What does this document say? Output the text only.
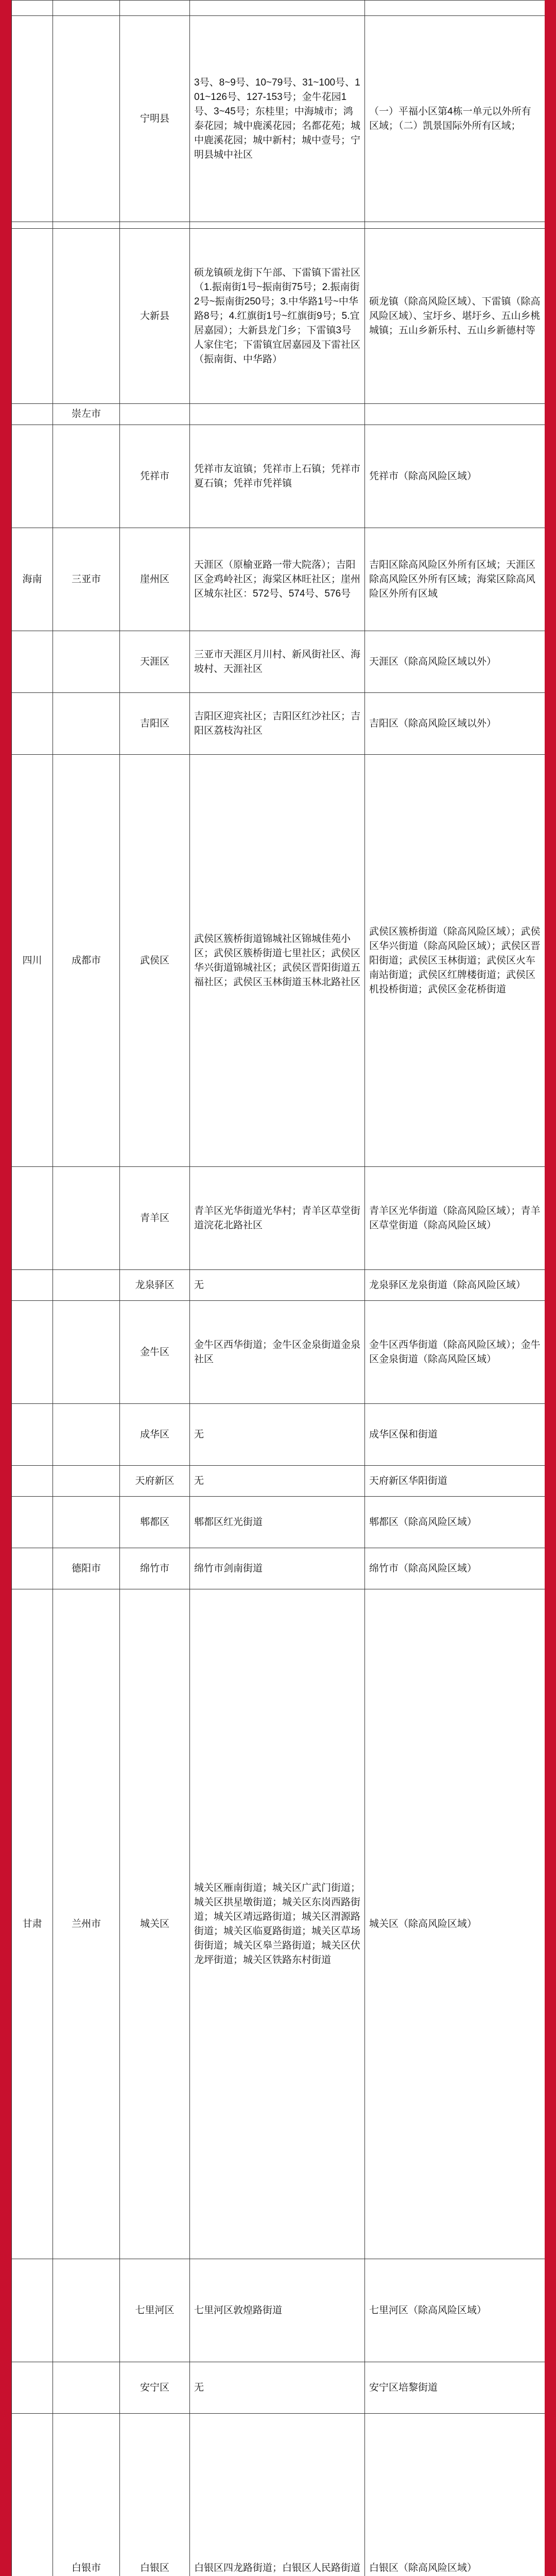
		宁明县	3号、8~9号、10~79号、31~100号、101~126号、127-153号；金牛花园1号、3~45号；东桂里；中海城市；鸿泰花园；城中鹿溪花园；名都花苑；城中鹿溪花园；城中新村；城中壹号；宁明县城中社区	（一）平福小区第4栋一单元以外所有区域；（二）凯景国际外所有区域；

		大新县	硕龙镇硕龙街下午部、下雷镇下雷社区（1.振南街1号~振南街75号；2.振南街2号~振南街250号；3.中华路1号~中华路8号；4.红旗街1号~红旗街9号；5.宜居嘉园）；大新县龙门乡；下雷镇3号人家住宅；下雷镇宜居嘉园及下雷社区（振南街、中华路）	硕龙镇（除高风险区域）、下雷镇（除高风险区域）、宝圩乡、堪圩乡、五山乡桃城镇；五山乡新乐村、五山乡新德村等
	崇左市			
		凭祥市	凭祥市友谊镇；凭祥市上石镇；凭祥市夏石镇；凭祥市凭祥镇	凭祥市（除高风险区域）
海南	三亚市	崖州区	天涯区（原榆亚路一带大院落）；吉阳区金鸡岭社区；海棠区林旺社区；崖州区城东社区：572号、574号、576号	吉阳区除高风险区外所有区域；天涯区除高风险区外所有区域；海棠区除高风险区外所有区域
		天涯区	三亚市天涯区月川村、新风街社区、海坡村、天涯社区	天涯区（除高风险区域以外）
		吉阳区	吉阳区迎宾社区；吉阳区红沙社区；吉阳区荔枝沟社区	吉阳区（除高风险区域以外）
四川	成都市	武侯区	武侯区簇桥街道锦城社区锦城佳苑小区；武侯区簇桥街道七里社区；武侯区华兴街道锦城社区；武侯区晋阳街道五福社区；武侯区玉林街道玉林北路社区	武侯区簇桥街道（除高风险区域）；武侯区华兴街道（除高风险区域）；武侯区晋阳街道；武侯区玉林街道；武侯区火车南站街道；武侯区红牌楼街道；武侯区机投桥街道；武侯区金花桥街道
		青羊区	青羊区光华街道光华村；青羊区草堂街道浣花北路社区	青羊区光华街道（除高风险区域）；青羊区草堂街道（除高风险区域）
		龙泉驿区	无	龙泉驿区龙泉街道（除高风险区域）
		金牛区	金牛区西华街道；金牛区金泉街道金泉社区	金牛区西华街道（除高风险区域）；金牛区金泉街道（除高风险区域）
		成华区	无	成华区保和街道
		天府新区	无	天府新区华阳街道
		郫都区	郫都区红光街道	郫都区（除高风险区域）
	德阳市	绵竹市	绵竹市剑南街道	绵竹市（除高风险区域）
甘肃	兰州市	城关区	城关区雁南街道；城关区广武门街道；城关区拱星墩街道；城关区东岗西路街道；城关区靖远路街道；城关区渭源路街道；城关区临夏路街道；城关区草场街街道；城关区皋兰路街道；城关区伏龙坪街道；城关区铁路东村街道	城关区（除高风险区域）
		七里河区	七里河区敦煌路街道	七里河区（除高风险区域）
		安宁区	无	安宁区培黎街道
	白银市	白银区	白银区四龙路街道；白银区人民路街道	白银区（除高风险区域）
